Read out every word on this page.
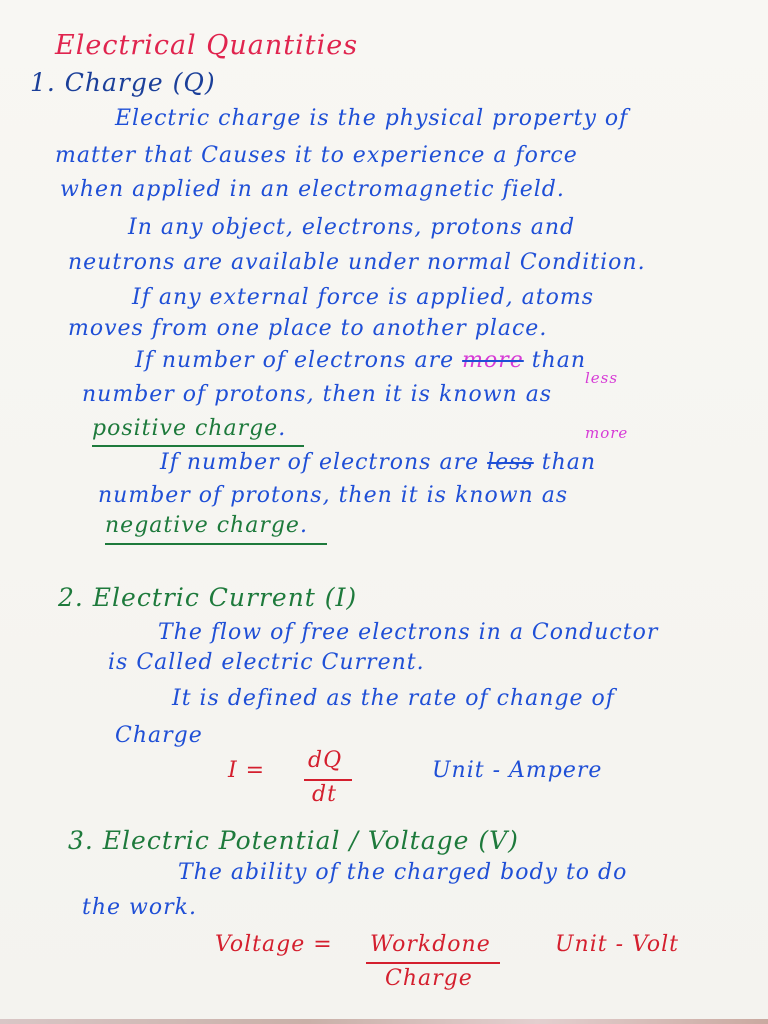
Electrical Quantities
1. Charge (Q)
Electric charge is the physical property of
matter that Causes it to experience a force
when applied in an electromagnetic field.
In any object, electrons, protons and
neutrons are available under normal Condition.
If any external force is applied, atoms
moves from one place to another place.
If number of electrons are more than
less
number of protons, then it is known as
positive charge.	more
If number of electrons are less than
number of protons, then it is known as
negative charge.
2. Electric Current (I)
The flow of free electrons in a Conductor
is Called electric Current.
It is defined as the rate of change of
Charge
I = dQ
dt
Unit - Ampere
3. Electric Potential / Voltage (V)
The ability of the charged body to do
the work.
Voltage = Workdone
Charge
Unit - Volt
